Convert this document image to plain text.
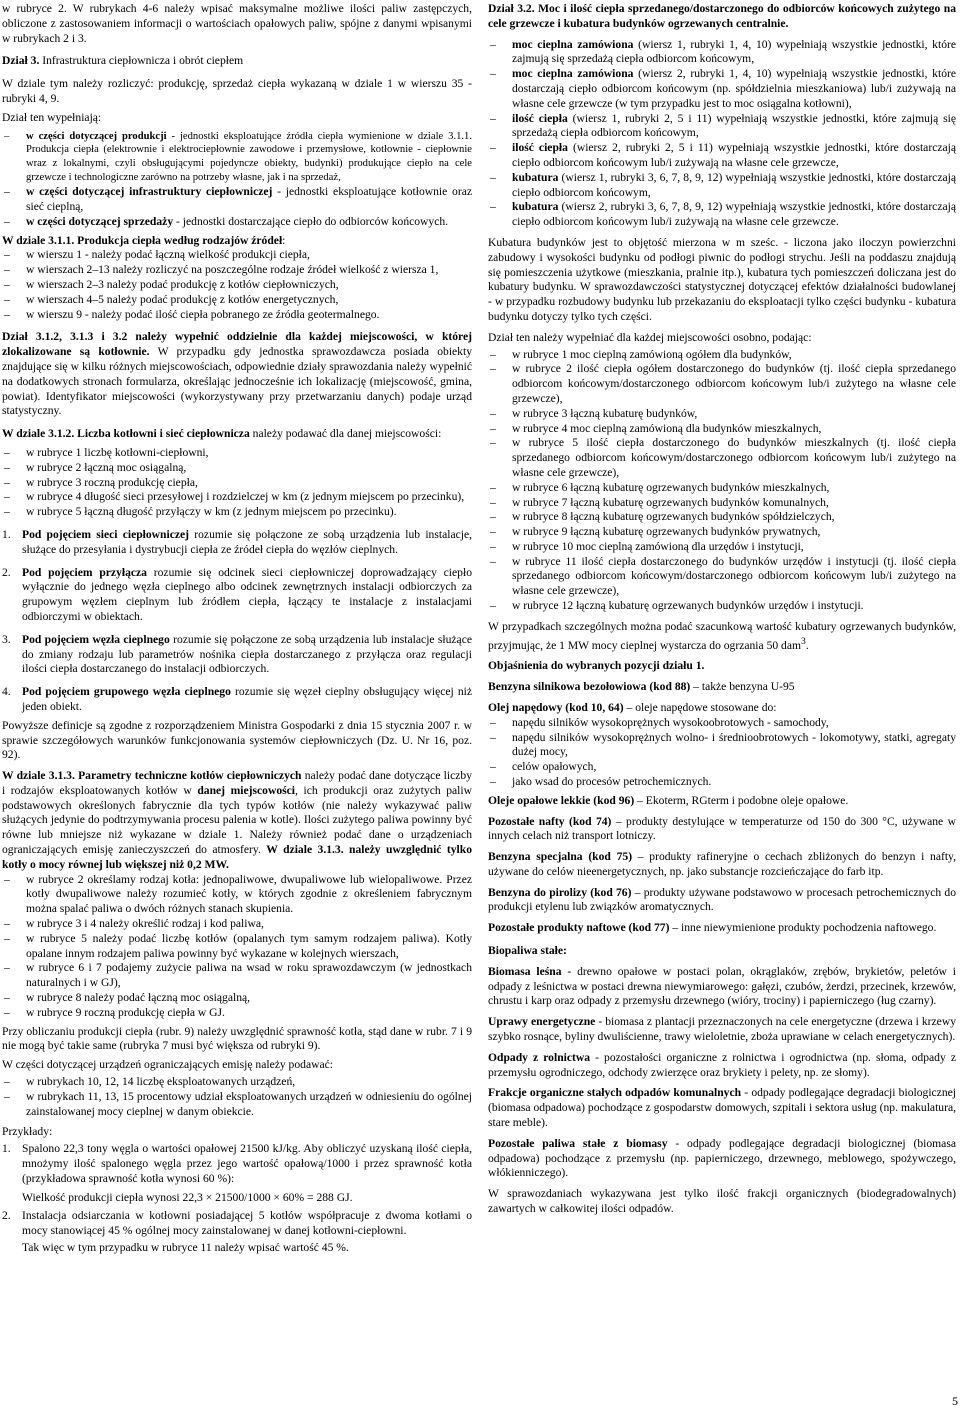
w rubryce 2. W rubrykach 4-6 należy wpisać maksymalne możliwe ilości paliw zastępczych, obliczone z zastosowaniem informacji o wartościach opałowych paliw, spójne z danymi wpisanymi w rubrykach 2 i 3.

Dział 3. Infrastruktura ciepłownicza i obrót ciepłem

W dziale tym należy rozliczyć: produkcję, sprzedaż ciepła wykazaną w dziale 1 w wierszu 35 - rubryki 4, 9.

Dział ten wypełniają:

– w części dotyczącej produkcji - jednostki eksploatujące źródła ciepła wymienione w dziale 3.1.1. Produkcja ciepła (elektrownie i elektrociepłownie zawodowe i przemysłowe, kotłownie - ciepłownie wraz z lokalnymi, czyli obsługującymi pojedyncze obiekty, budynki) produkujące ciepło na cele grzewcze i technologiczne zarówno na potrzeby własne, jak i na sprzedaż,
– w części dotyczącej infrastruktury ciepłowniczej - jednostki eksploatujące kotłownie oraz sieć cieplną,
– w części dotyczącej sprzedaży - jednostki dostarczające ciepło do odbiorców końcowych.

W dziale 3.1.1. Produkcja ciepła według rodzajów źródeł:

– w wierszu 1 - należy podać łączną wielkość produkcji ciepła,
– w wierszach 2–13 należy rozliczyć na poszczególne rodzaje źródeł wielkość z wiersza 1,
– w wierszach 2–3 należy podać produkcję z kotłów ciepłowniczych,
– w wierszach 4–5 należy podać produkcję z kotłów energetycznych,
– w wierszu 9 - należy podać ilość ciepła pobranego ze źródła geotermalnego.

Dział 3.1.2, 3.1.3 i 3.2 należy wypełnić oddzielnie dla każdej miejscowości, w której zlokalizowane są kotłownie. W przypadku gdy jednostka sprawozdawcza posiada obiekty znajdujące się w kilku różnych miejscowościach, odpowiednie działy sprawozdania należy wypełnić na dodatkowych stronach formularza, określając jednocześnie ich lokalizację (miejscowość, gmina, powiat). Identyfikator miejscowości (wykorzystywany przy przetwarzaniu danych) podaje urząd statystyczny.

W dziale 3.1.2. Liczba kotłowni i sieć ciepłownicza należy podawać dla danej miejscowości:

– w rubryce 1 liczbę kotłowni-ciepłowni,
– w rubryce 2 łączną moc osiągalną,
– w rubryce 3 roczną produkcję ciepła,
– w rubryce 4 długość sieci przesyłowej i rozdzielczej w km (z jednym miejscem po przecinku),
– w rubryce 5 łączną długość przyłączy w km (z jednym miejscem po przecinku).
1. Pod pojęciem sieci ciepłowniczej rozumie się połączone ze sobą urządzenia lub instalacje, służące do przesyłania i dystrybucji ciepła ze źródeł ciepła do węzłów cieplnych.
2. Pod pojęciem przyłącza rozumie się odcinek sieci ciepłowniczej doprowadzający ciepło wyłącznie do jednego węzła cieplnego albo odcinek zewnętrznych instalacji odbiorczych za grupowym węzłem cieplnym lub źródłem ciepła, łączący te instalacje z instalacjami odbiorczymi w obiektach.
3. Pod pojęciem węzła cieplnego rozumie się połączone ze sobą urządzenia lub instalacje służące do zmiany rodzaju lub parametrów nośnika ciepła dostarczanego z przyłącza oraz regulacji ilości ciepła dostarczanego do instalacji odbiorczych.
4. Pod pojęciem grupowego węzła cieplnego rozumie się węzeł cieplny obsługujący więcej niż jeden obiekt.

Powyższe definicje są zgodne z rozporządzeniem Ministra Gospodarki z dnia 15 stycznia 2007 r. w sprawie szczegółowych warunków funkcjonowania systemów ciepłowniczych (Dz. U. Nr 16, poz. 92).

W dziale 3.1.3. Parametry techniczne kotłów ciepłowniczych należy podać dane dotyczące liczby i rodzajów eksploatowanych kotłów w danej miejscowości, ich produkcji oraz zużytych paliw podstawowych określonych fabrycznie dla tych typów kotłów (nie należy wykazywać paliw służących jedynie do podtrzymywania procesu palenia w kotle). Ilości zużytego paliwa powinny być równe lub mniejsze niż wykazane w dziale 1. Należy również podać dane o urządzeniach ograniczających emisję zanieczyszczeń do atmosfery. W dziale 3.1.3. należy uwzględnić tylko kotły o mocy równej lub większej niż 0,2 MW.

– w rubryce 2 określamy rodzaj kotła: jednopaliwowe, dwupaliwowe lub wielopaliwowe. Przez kotły dwupaliwowe należy rozumieć kotły, w których zgodnie z określeniem fabrycznym można spalać paliwa o dwóch różnych stanach skupienia.
– w rubryce 3 i 4 należy określić rodzaj i kod paliwa,
– w rubryce 5 należy podać liczbę kotłów (opalanych tym samym rodzajem paliwa). Kotły opalane innym rodzajem paliwa powinny być wykazane w kolejnych wierszach,
– w rubryce 6 i 7 podajemy zużycie paliwa na wsad w roku sprawozdawczym (w jednostkach naturalnych i w GJ),
– w rubryce 8 należy podać łączną moc osiągalną,
– w rubryce 9 roczną produkcję ciepła w GJ.

Przy obliczaniu produkcji ciepła (rubr. 9) należy uwzględnić sprawność kotła, stąd dane w rubr. 7 i 9 nie mogą być takie same (rubryka 7 musi być większa od rubryki 9).

W części dotyczącej urządzeń ograniczających emisję należy podawać:

– w rubrykach 10, 12, 14 liczbę eksploatowanych urządzeń,
– w rubrykach 11, 13, 15 procentowy udział eksploatowanych urządzeń w odniesieniu do ogólnej zainstalowanej mocy cieplnej w danym obiekcie.

Przykłady:

1. Spalono 22,3 tony węgla o wartości opałowej 21500 kJ/kg. Aby obliczyć uzyskaną ilość ciepła, mnożymy ilość spalonego węgla przez jego wartość opałową/1000 i przez sprawność kotła (przykładowa sprawność kotła wynosi 60 %):

Wielkość produkcji ciepła wynosi 22,3 × 21500/1000 × 60% = 288 GJ.

2. Instalacja odsiarczania w kotłowni posiadającej 5 kotłów współpracuje z dwoma kotłami o mocy stanowiącej 45 % ogólnej mocy zainstalowanej w danej kotłowni-ciepłowni.

Tak więc w tym przypadku w rubryce 11 należy wpisać wartość 45 %.

Dział 3.2. Moc i ilość ciepła sprzedanego/dostarczonego do odbiorców końcowych zużytego na cele grzewcze i kubatura budynków ogrzewanych centralnie.

– moc cieplna zamówiona (wiersz 1, rubryki 1, 4, 10) wypełniają wszystkie jednostki, które zajmują się sprzedażą ciepła odbiorcom końcowym,
– moc cieplna zamówiona (wiersz 2, rubryki 1, 4, 10) wypełniają wszystkie jednostki, które dostarczają ciepło odbiorcom końcowym (np. spółdzielnia mieszkaniowa) lub/i zużywają na własne cele grzewcze (w tym przypadku jest to moc osiągalna kotłowni),
– ilość ciepła (wiersz 1, rubryki 2, 5 i 11) wypełniają wszystkie jednostki, które zajmują się sprzedażą ciepła odbiorcom końcowym,
– ilość ciepła (wiersz 2, rubryki 2, 5 i 11) wypełniają wszystkie jednostki, które dostarczają ciepło odbiorcom końcowym lub/i zużywają na własne cele grzewcze,
– kubatura (wiersz 1, rubryki 3, 6, 7, 8, 9, 12) wypełniają wszystkie jednostki, które dostarczają ciepło odbiorcom końcowym,
– kubatura (wiersz 2, rubryki 3, 6, 7, 8, 9, 12) wypełniają wszystkie jednostki, które dostarczają ciepło odbiorcom końcowym lub/i zużywają na własne cele grzewcze.

Kubatura budynków jest to objętość mierzona w m sześc. - liczona jako iloczyn powierzchni zabudowy i wysokości budynku od podłogi piwnic do podłogi strychu. Jeśli na poddaszu znajdują się pomieszczenia użytkowe (mieszkania, pralnie itp.), kubatura tych pomieszczeń doliczana jest do kubatury budynku. W sprawozdawczości statystycznej dotyczącej efektów działalności budowlanej - w przypadku rozbudowy budynku lub przekazaniu do eksploatacji tylko części budynku - kubatura budynku dotyczy tylko tych części.

Dział ten należy wypełniać dla każdej miejscowości osobno, podając:

– w rubryce 1 moc cieplną zamówioną ogółem dla budynków,
– w rubryce 2 ilość ciepła ogółem dostarczonego do budynków (tj. ilość ciepła sprzedanego odbiorcom końcowym/dostarczonego odbiorcom końcowym lub/i zużytego na własne cele grzewcze),
– w rubryce 3 łączną kubaturę budynków,
– w rubryce 4 moc cieplną zamówioną dla budynków mieszkalnych,
– w rubryce 5 ilość ciepła dostarczonego do budynków mieszkalnych (tj. ilość ciepła sprzedanego odbiorcom końcowym/dostarczonego odbiorcom końcowym lub/i zużytego na własne cele grzewcze),
– w rubryce 6 łączną kubaturę ogrzewanych budynków mieszkalnych,
– w rubryce 7 łączną kubaturę ogrzewanych budynków komunalnych,
– w rubryce 8 łączną kubaturę ogrzewanych budynków spółdzielczych,
– w rubryce 9 łączną kubaturę ogrzewanych budynków prywatnych,
– w rubryce 10 moc cieplną zamówioną dla urzędów i instytucji,
– w rubryce 11 ilość ciepła dostarczonego do budynków urzędów i instytucji (tj. ilość ciepła sprzedanego odbiorcom końcowym/dostarczonego odbiorcom końcowym lub/i zużytego na własne cele grzewcze),
– w rubryce 12 łączną kubaturę ogrzewanych budynków urzędów i instytucji.

W przypadkach szczególnych można podać szacunkową wartość kubatury ogrzewanych budynków, przyjmując, że 1 MW mocy cieplnej wystarcza do ogrzania 50 dam$^3$.

Objaśnienia do wybranych pozycji działu 1.

Benzyna silnikowa bezołowiowa (kod 88) – także benzyna U-95

Olej napędowy (kod 10, 64) – oleje napędowe stosowane do:

– napędu silników wysokoprężnych wysokoobrotowych - samochody,
– napędu silników wysokoprężnych wolno- i średnioobrotowych - lokomotywy, statki, agregaty dużej mocy,
– celów opałowych,
– jako wsad do procesów petrochemicznych.

Oleje opałowe lekkie (kod 96) – Ekoterm, RGterm i podobne oleje opałowe.

Pozostałe nafty (kod 74) – produkty destylujące w temperaturze od 150 do 300 °C, używane w innych celach niż transport lotniczy.

Benzyna specjalna (kod 75) – produkty rafineryjne o cechach zbliżonych do benzyn i nafty, używane do celów nieenergetycznych, np. jako substancje rozcieńczające do farb itp.

Benzyna do pirolizy (kod 76) – produkty używane podstawowo w procesach petrochemicznych do produkcji etylenu lub związków aromatycznych.

Pozostałe produkty naftowe (kod 77) – inne niewymienione produkty pochodzenia naftowego.

Biopaliwa stałe:

Biomasa leśna - drewno opałowe w postaci polan, okrąglaków, zrębów, brykietów, peletów i odpady z leśnictwa w postaci drewna niewymiarowego: gałęzi, czubów, żerdzi, przecinek, krzewów, chrustu i karp oraz odpady z przemysłu drzewnego (wióry, trociny) i papierniczego (ług czarny).

Uprawy energetyczne - biomasa z plantacji przeznaczonych na cele energetyczne (drzewa i krzewy szybko rosnące, byliny dwuliścienne, trawy wieloletnie, zboża uprawiane w celach energetycznych).

Odpady z rolnictwa - pozostałości organiczne z rolnictwa i ogrodnictwa (np. słoma, odpady z przemysłu ogrodniczego, odchody zwierzęce oraz brykiety i pelety, np. ze słomy).

Frakcje organiczne stałych odpadów komunalnych - odpady podlegające degradacji biologicznej (biomasa odpadowa) pochodzące z gospodarstw domowych, szpitali i sektora usług (np. makulatura, stare meble).

Pozostałe paliwa stałe z biomasy - odpady podlegające degradacji biologicznej (biomasa odpadowa) pochodzące z przemysłu (np. papierniczego, drzewnego, meblowego, spożywczego, włókienniczego).

W sprawozdaniach wykazywana jest tylko ilość frakcji organicznych (biodegradowalnych) zawartych w całkowitej ilości odpadów.

5
